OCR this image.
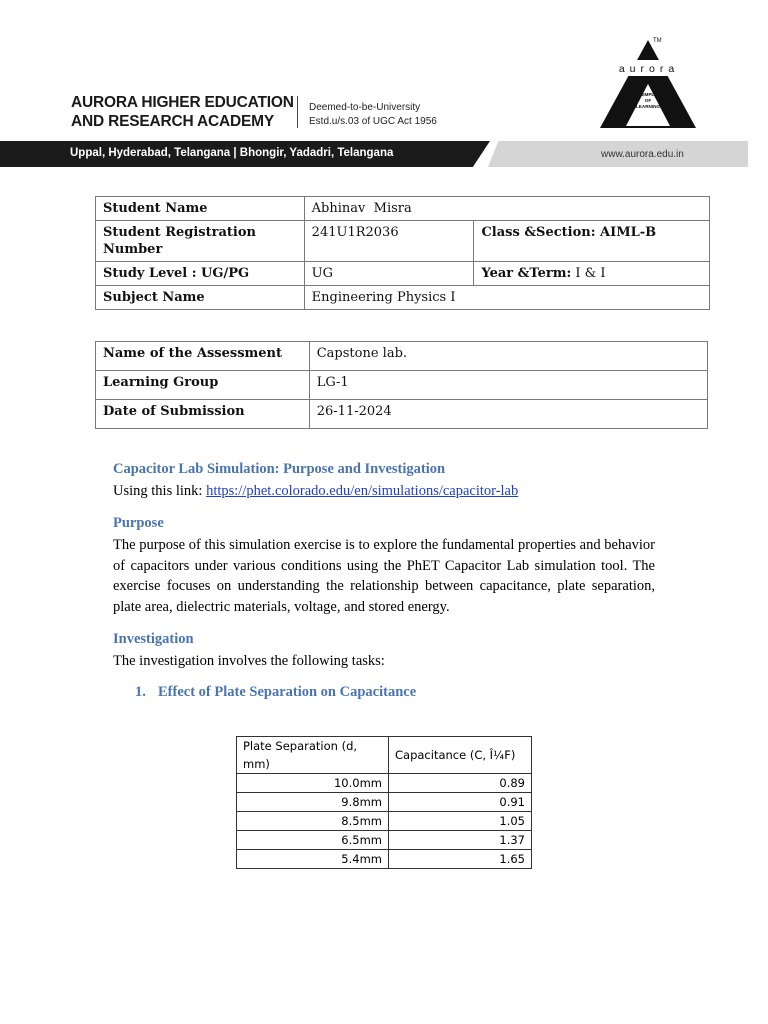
AURORA HIGHER EDUCATION
AND RESEARCH ACADEMY
Deemed-to-be-University
Estd.u/s.03 of UGC Act 1956
TM
aurora
TEMPLE
OF
LEARNING
Uppal, Hyderabad, Telangana | Bhongir, Yadadri, Telangana	www.aurora.edu.in
Student Name	Abhinav  Misra	
Student Registration Number	241U1R2036	Class &Section: AIML-B
Study Level : UG/PG	UG	Year &Term: I & I
Subject Name	Engineering Physics I	
Name of the Assessment	Capstone lab.
Learning Group	LG-1
Date of Submission	26-11-2024
Capacitor Lab Simulation: Purpose and Investigation
Using this link: https://phet.colorado.edu/en/simulations/capacitor-lab
Purpose
The purpose of this simulation exercise is to explore the fundamental properties and behavior of capacitors under various conditions using the PhET Capacitor Lab simulation tool. The exercise focuses on understanding the relationship between capacitance, plate separation, plate area, dielectric materials, voltage, and stored energy.
Investigation
The investigation involves the following tasks:
1. Effect of Plate Separation on Capacitance
Plate Separation (d, mm)	Capacitance (C, Î¼F)
10.0mm	0.89
9.8mm	0.91
8.5mm	1.05
6.5mm	1.37
5.4mm	1.65
